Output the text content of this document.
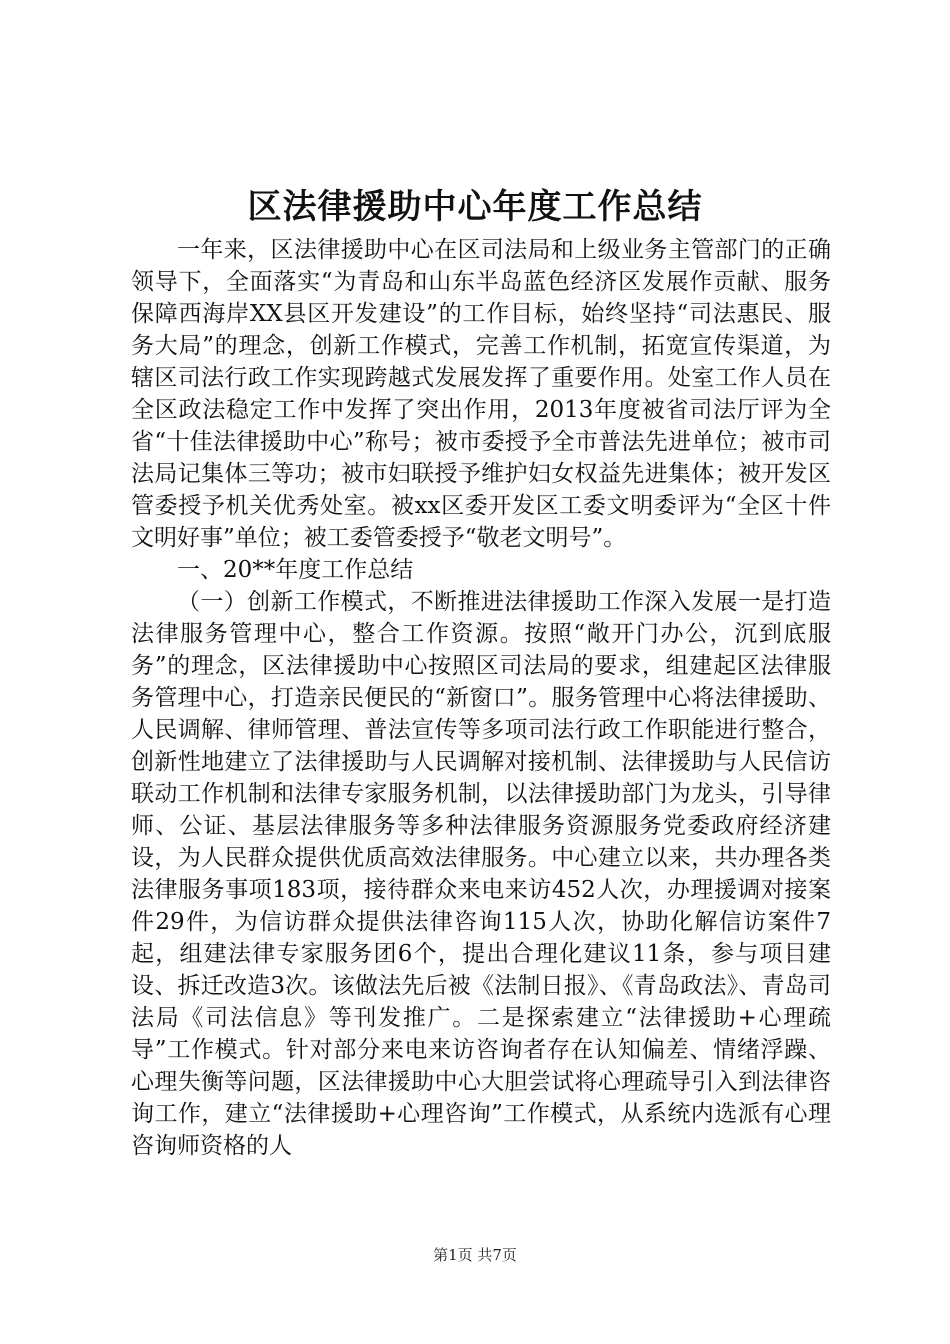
区法律援助中心年度工作总结

一年来，区法律援助中心在区司法局和上级业务主管部门的正确领导下，全面落实“为青岛和山东半岛蓝色经济区发展作贡献、服务保障西海岸XX县区开发建设”的工作目标，始终坚持“司法惠民、服务大局”的理念，创新工作模式，完善工作机制，拓宽宣传渠道，为辖区司法行政工作实现跨越式发展发挥了重要作用。处室工作人员在全区政法稳定工作中发挥了突出作用，2013年度被省司法厅评为全省“十佳法律援助中心”称号；被市委授予全市普法先进单位；被市司法局记集体三等功；被市妇联授予维护妇女权益先进集体；被开发区管委授予机关优秀处室。被xx区委开发区工委文明委评为“全区十件文明好事”单位；被工委管委授予“敬老文明号”。

一、20**年度工作总结

（一）创新工作模式，不断推进法律援助工作深入发展一是打造法律服务管理中心，整合工作资源。按照“敞开门办公，沉到底服务”的理念，区法律援助中心按照区司法局的要求，组建起区法律服务管理中心，打造亲民便民的“新窗口”。服务管理中心将法律援助、人民调解、律师管理、普法宣传等多项司法行政工作职能进行整合，创新性地建立了法律援助与人民调解对接机制、法律援助与人民信访联动工作机制和法律专家服务机制，以法律援助部门为龙头，引导律师、公证、基层法律服务等多种法律服务资源服务党委政府经济建设，为人民群众提供优质高效法律服务。中心建立以来，共办理各类法律服务事项183项，接待群众来电来访452人次，办理援调对接案件29件，为信访群众提供法律咨询115人次，协助化解信访案件7起，组建法律专家服务团6个，提出合理化建议11条，参与项目建设、拆迁改造3次。该做法先后被《法制日报》、《青岛政法》、青岛司法局《司法信息》等刊发推广。二是探索建立“法律援助+心理疏导”工作模式。针对部分来电来访咨询者存在认知偏差、情绪浮躁、心理失衡等问题，区法律援助中心大胆尝试将心理疏导引入到法律咨询工作，建立“法律援助+心理咨询”工作模式，从系统内选派有心理咨询师资格的人

第1页 共7页
